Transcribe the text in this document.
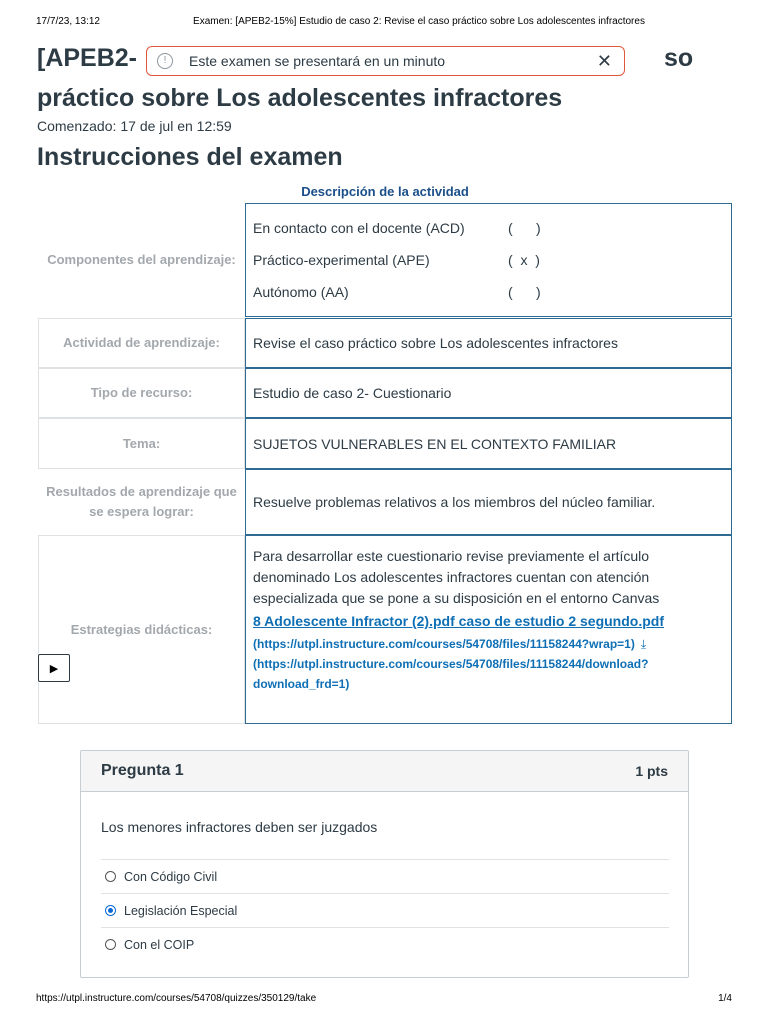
17/7/23, 13:12	Examen: [APEB2-15%] Estudio de caso 2: Revise el caso práctico sobre Los adolescentes infractores
[APEB2-	so
práctico sobre Los adolescentes infractores
!	Este examen se presentará en un minuto	✕
Comenzado: 17 de jul en 12:59
Instrucciones del examen
Descripción de la actividad
Componentes del aprendizaje:
En contacto con el docente (ACD)	(      )
Práctico-experimental (APE)	(  x  )
Autónomo (AA)	(      )
Actividad de aprendizaje:	Revise el caso práctico sobre Los adolescentes infractores
Tipo de recurso:	Estudio de caso 2- Cuestionario
Tema:	SUJETOS VULNERABLES EN EL CONTEXTO FAMILIAR
Resultados de aprendizaje que se espera lograr:
Resuelve problemas relativos a los miembros del núcleo familiar.
Estrategias didácticas:
Para desarrollar este cuestionario revise previamente el artículo denominado Los adolescentes infractores cuentan con atención especializada que se pone a su disposición en el entorno Canvas
8 Adolescente Infractor (2).pdf caso de estudio 2 segundo.pdf
(https://utpl.instructure.com/courses/54708/files/11158244?wrap=1) ⤓
(https://utpl.instructure.com/courses/54708/files/11158244/download?download_frd=1)
▶
Pregunta 1	1 pts
Los menores infractores deben ser juzgados
Con Código Civil
Legislación Especial
Con el COIP
https://utpl.instructure.com/courses/54708/quizzes/350129/take	1/4
